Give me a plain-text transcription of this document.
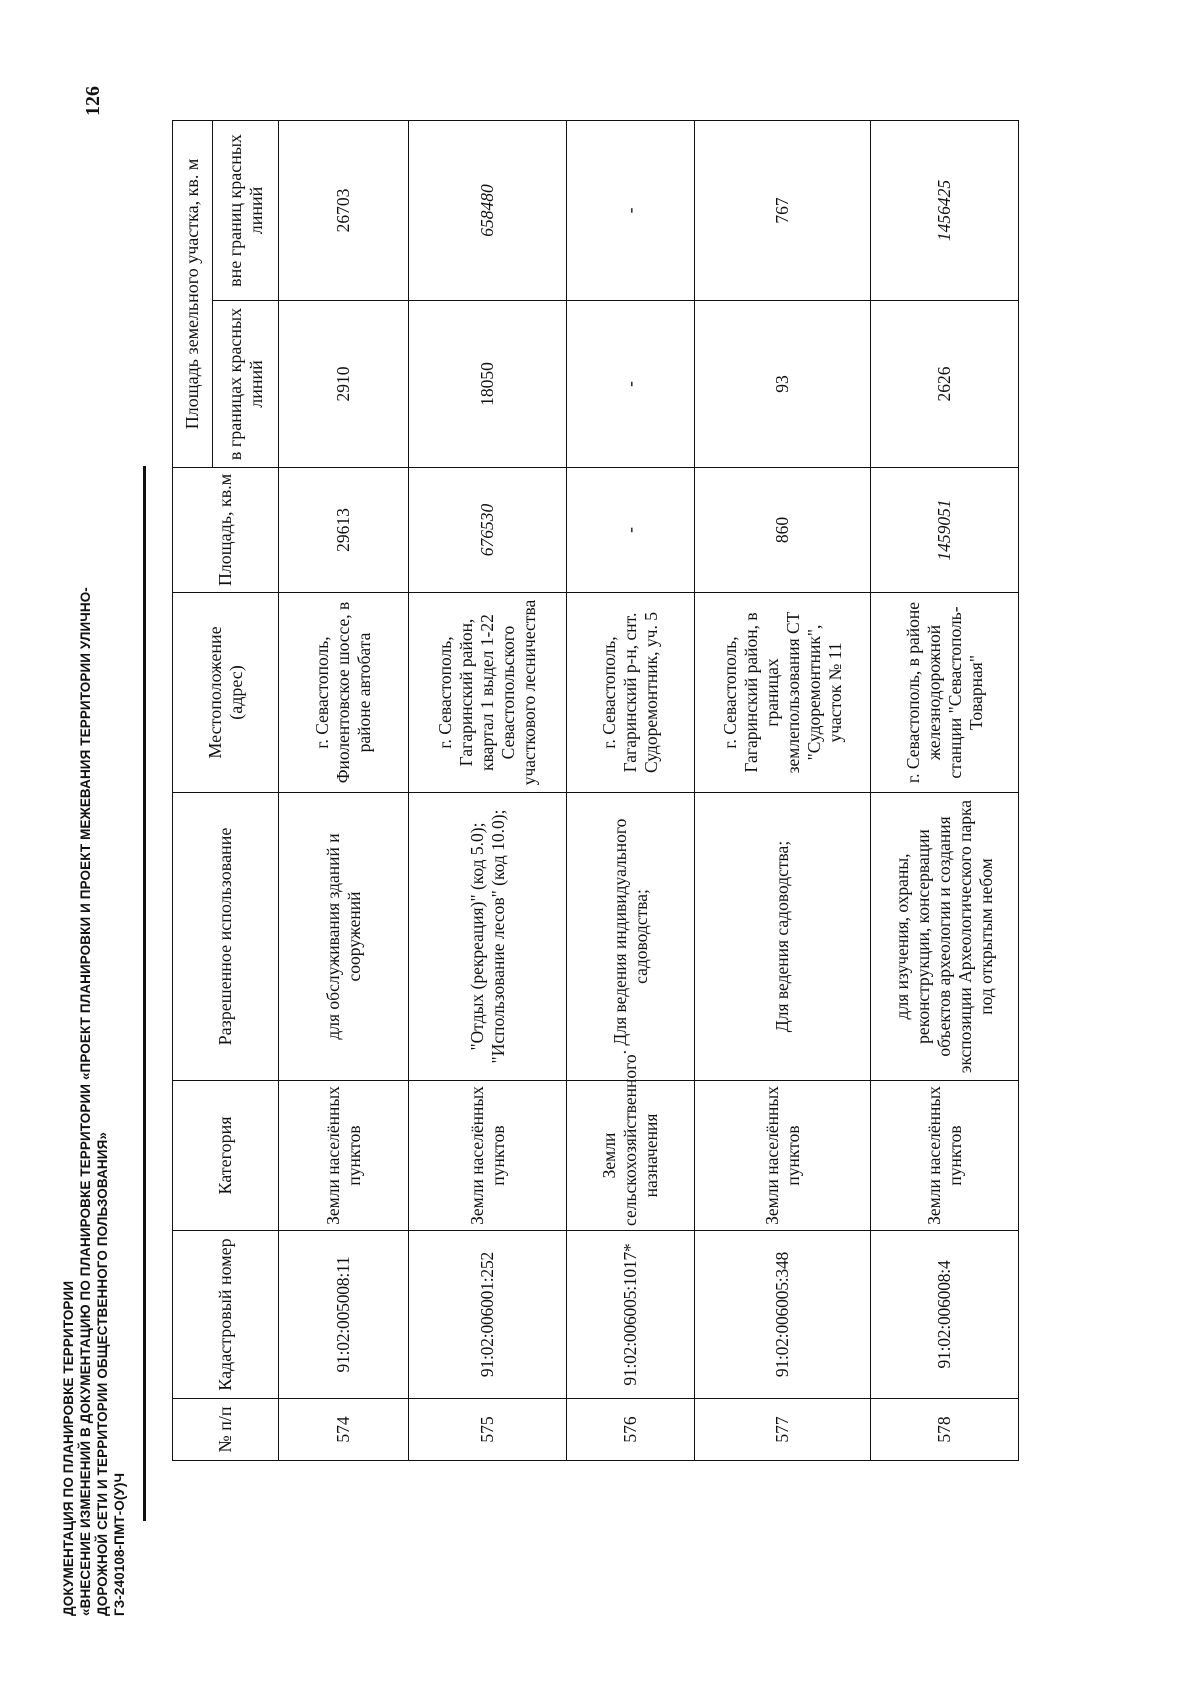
126
ДОКУМЕНТАЦИЯ ПО ПЛАНИРОВКЕ ТЕРРИТОРИИ «ВНЕСЕНИЕ ИЗМЕНЕНИЙ В ДОКУМЕНТАЦИЮ ПО ПЛАНИРОВКЕ ТЕРРИТОРИИ «ПРОЕКТ ПЛАНИРОВКИ И ПРОЕКТ МЕЖЕВАНИЯ ТЕРРИТОРИИ УЛИЧНО- ДОРОЖНОЙ СЕТИ И ТЕРРИТОРИИ ОБЩЕСТВЕННОГО ПОЛЬЗОВАНИЯ» ГЗ-240108-ПМТ-О(У)Ч
№ п/п	Кадастровый номер	Категория	Разрешенное использование	Местоположение (адрес)	Площадь, кв.м	Площадь земельного участка, кв. м	
						в границах красных линий	вне границ красных линий
574	91:02:005008:11	Земли населённых пунктов	для обслуживания зданий и сооружений	г. Севастополь, Фиолентовское шоссе, в районе автобата	29613	2910	26703
575	91:02:006001:252	Земли населённых пунктов	"Отдых (рекреация)" (код 5.0); "Использование лесов" (код 10.0);	г. Севастополь, Гагаринский район, квартал 1 выдел 1-22 Севастопольского участкового лесничества	676530	18050	658480
576	91:02:006005:1017*	Земли сельскохозяйственного назначения	. Для ведения индивидуального садоводства;	г. Севастополь, Гагаринский р-н, снт. Судоремонтник, уч. 5	-	-	-
577	91:02:006005:348	Земли населённых пунктов	Для ведения садоводства;	г. Севастополь, Гагаринский район, в границах землепользования СТ "Судоремонтник", участок № 11	860	93	767
578	91:02:006008:4	Земли населённых пунктов	для изучения, охраны, реконструкции, консервации объектов археологии и создания экспозиции Археологического парка под открытым небом	г. Севастополь, в районе железнодорожной станции "Севастополь-Товарная"	1459051	2626	1456425
